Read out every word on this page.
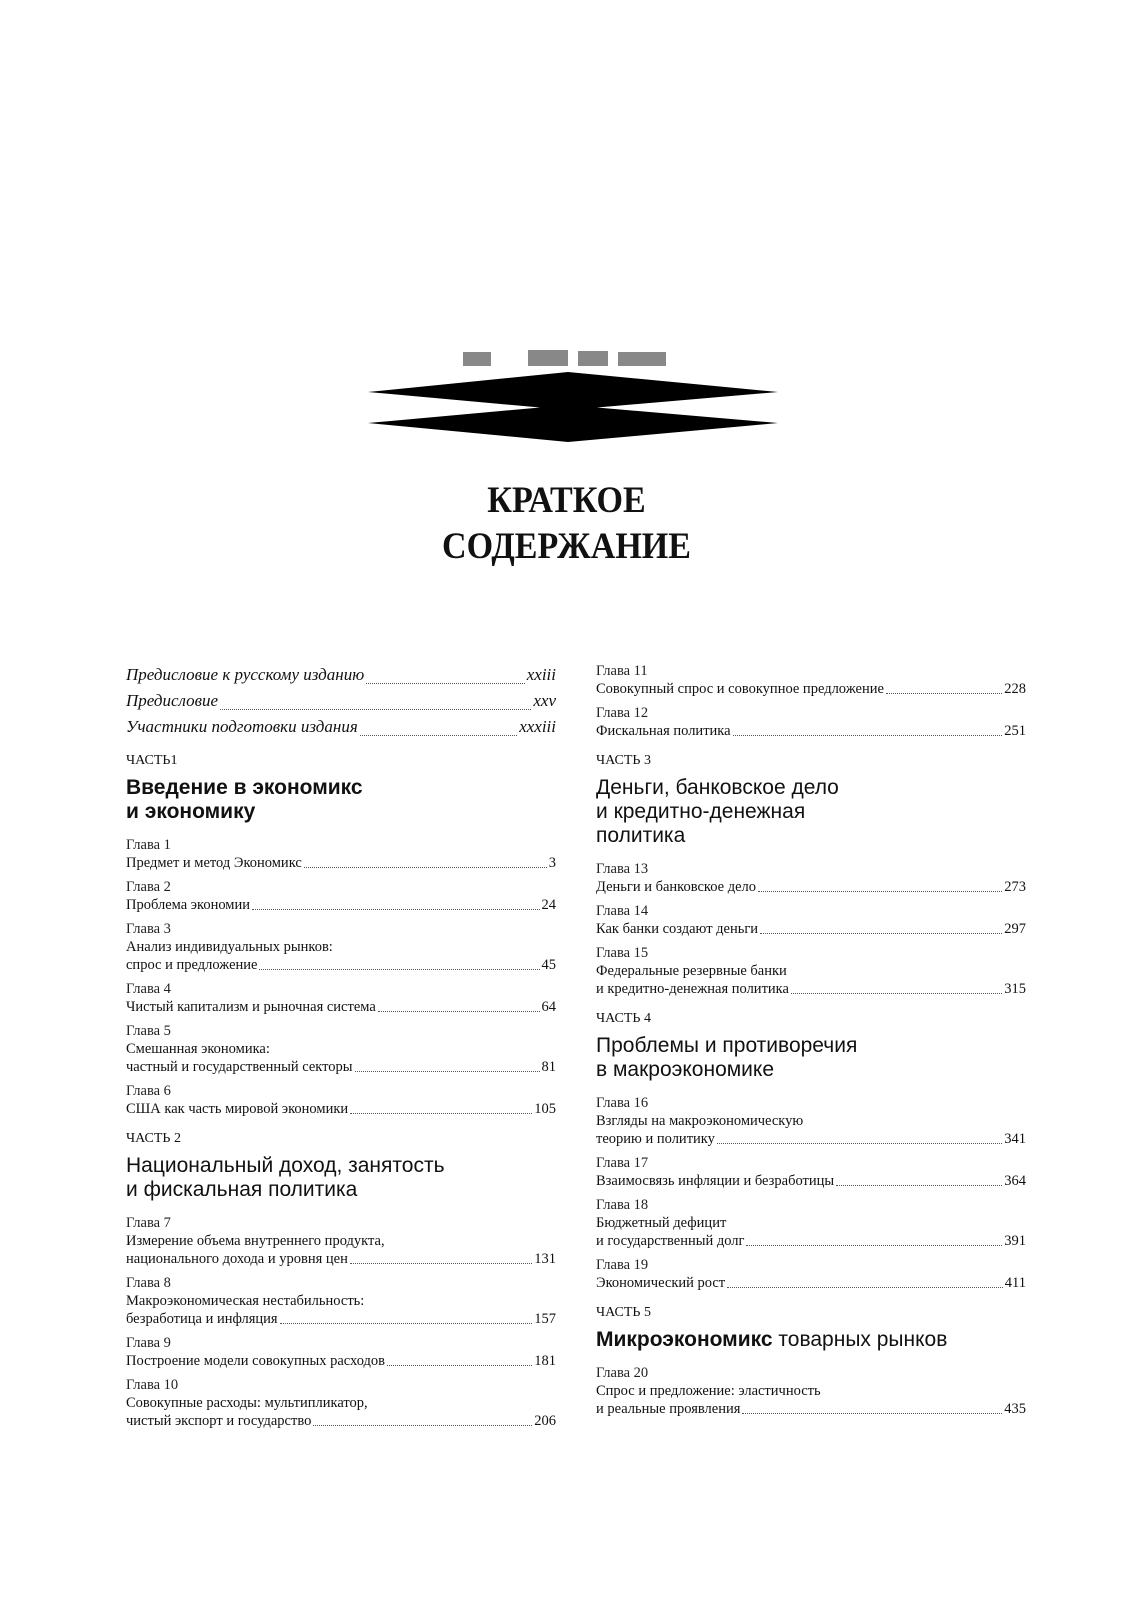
КРАТКОЕ
СОДЕРЖАНИЕ
Предисловие к русскому изданию	xxiii
Предисловие	xxv
Участники подготовки издания	xxxiii
ЧАСТЬ1
Введение в экономикс
и экономику
Глава 1
Предмет и метод Экономикс	3
Глава 2
Проблема экономии	24
Глава 3
Анализ индивидуальных рынков:
спрос и предложение	45
Глава 4
Чистый капитализм и рыночная система	64
Глава 5
Смешанная экономика:
частный и государственный секторы	81
Глава 6
США как часть мировой экономики	105
ЧАСТЬ 2
Национальный доход, занятость
и фискальная политика
Глава 7
Измерение объема внутреннего продукта,
национального дохода и уровня цен	131
Глава 8
Макроэкономическая нестабильность:
безработица и инфляция	157
Глава 9
Построение модели совокупных расходов	181
Глава 10
Совокупные расходы: мультипликатор,
чистый экспорт и государство	206
Глава 11
Совокупный спрос и совокупное предложение	228
Глава 12
Фискальная политика	251
ЧАСТЬ 3
Деньги, банковское дело
и кредитно-денежная
политика
Глава 13
Деньги и банковское дело	273
Глава 14
Как банки создают деньги	297
Глава 15
Федеральные резервные банки
и кредитно-денежная политика	315
ЧАСТЬ 4
Проблемы и противоречия
в макроэкономике
Глава 16
Взгляды на макроэкономическую
теорию и политику	341
Глава 17
Взаимосвязь инфляции и безработицы	364
Глава 18
Бюджетный дефицит
и государственный долг	391
Глава 19
Экономический рост	411
ЧАСТЬ 5
Микроэкономикс товарных рынков
Глава 20
Спрос и предложение: эластичность
и реальные проявления	435
